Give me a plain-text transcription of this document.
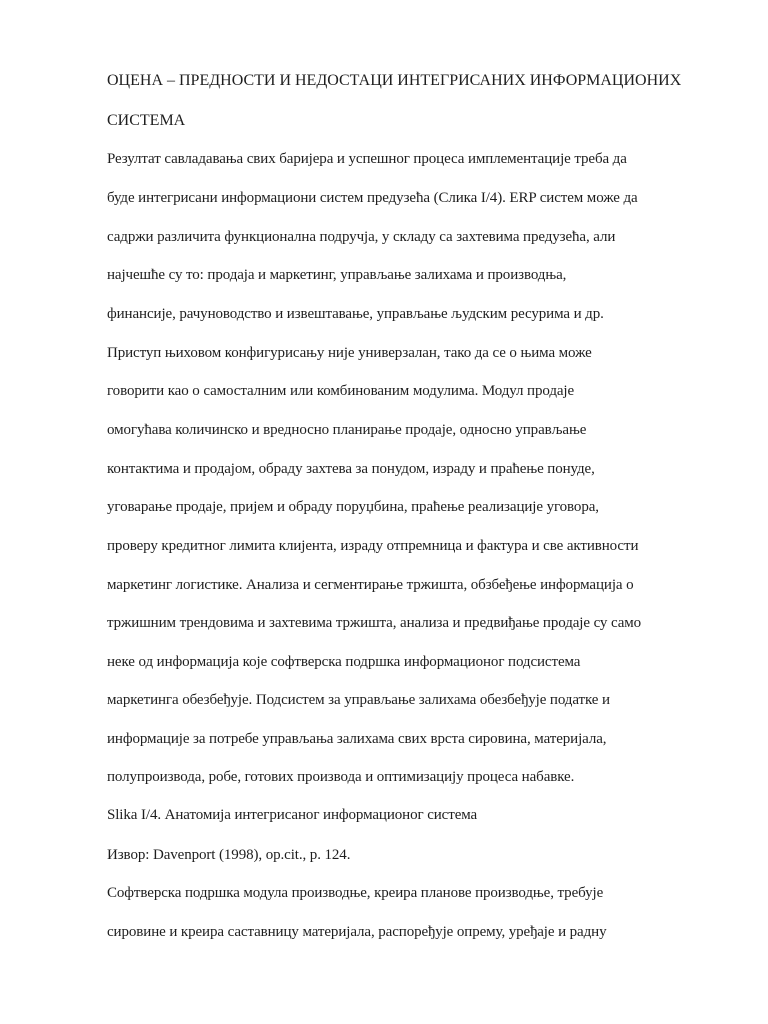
ОЦЕНА – ПРЕДНОСТИ И НЕДОСТАЦИ ИНТЕГРИСАНИХ ИНФОРМАЦИОНИХ
СИСТЕМА
Резултат савладавања свих баријера и успешног процеса имплементације треба да
буде интегрисани информациони систем предузећа (Слика I/4). ERP систем може да
садржи различита функционална подручја, у складу са захтевима предузећа, али
најчешће су то: продаја и маркетинг, управљање залихама и производња,
финансије, рачуноводство и извештавање, управљање људским ресурима и др.
Приступ њиховом конфигурисању није универзалан, тако да се о њима може
говорити као о самосталним или комбинованим модулима. Модул продаје
омогућава количинско и вредносно планирање продаје, односно управљање
контактима и продајом, обраду захтева за понудом, израду и праћење понуде,
уговарање продаје, пријем и обраду поруџбина, праћење реализације уговора,
проверу кредитног лимита клијента, израду отпремница и фактура и све активности
маркетинг логистике. Анализа и сегментирање тржишта, обзбеђење информација о
тржишним трендовима и захтевима тржишта, анализа и предвиђање продаје су само
неке од информација које софтверска подршка информационог подсистема
маркетинга обезбеђује. Подсистем за управљање залихама обезбеђује податке и
информације за потребе управљања залихама свих врста сировина, материјала,
полупроизвода, робе, готових производа и оптимизацију процеса набавке.
Slika I/4. Анатомија интегрисаног информационог система
Извор: Davenport (1998), op.cit., p. 124.
Софтверска подршка модула производње, креира планове производње, требује
сировине и креира саставницу материјала, распоређује опрему, уређаје и радну
